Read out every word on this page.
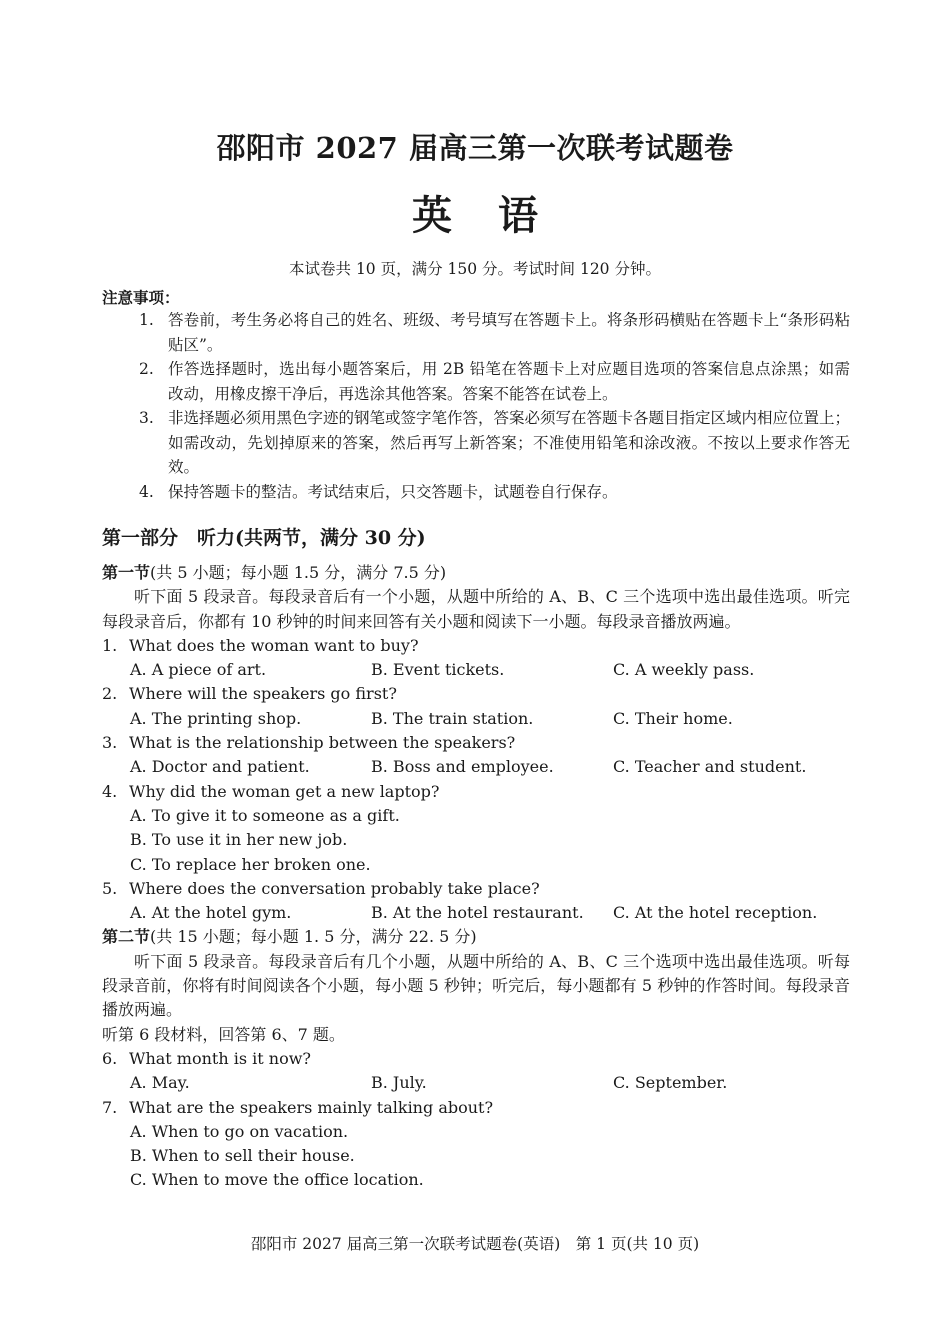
邵阳市 2027 届高三第一次联考试题卷
英语
本试卷共 10 页，满分 150 分。考试时间 120 分钟。
注意事项：
1. 答卷前，考生务必将自己的姓名、班级、考号填写在答题卡上。将条形码横贴在答题卡上“条形码粘贴区”。
2. 作答选择题时，选出每小题答案后，用 2B 铅笔在答题卡上对应题目选项的答案信息点涂黑；如需改动，用橡皮擦干净后，再选涂其他答案。答案不能答在试卷上。
3. 非选择题必须用黑色字迹的钢笔或签字笔作答，答案必须写在答题卡各题目指定区域内相应位置上；如需改动，先划掉原来的答案，然后再写上新答案；不准使用铅笔和涂改液。不按以上要求作答无效。
4. 保持答题卡的整洁。考试结束后，只交答题卡，试题卷自行保存。
第一部分　听力(共两节，满分 30 分)
第一节(共 5 小题；每小题 1.5 分，满分 7.5 分)
听下面 5 段录音。每段录音后有一个小题，从题中所给的 A、B、C 三个选项中选出最佳选项。听完每段录音后，你都有 10 秒钟的时间来回答有关小题和阅读下一小题。每段录音播放两遍。
1. What does the woman want to buy?
A. A piece of art.	B. Event tickets.	C. A weekly pass.
2. Where will the speakers go first?
A. The printing shop.	B. The train station.	C. Their home.
3. What is the relationship between the speakers?
A. Doctor and patient.	B. Boss and employee.	C. Teacher and student.
4. Why did the woman get a new laptop?
A. To give it to someone as a gift.
B. To use it in her new job.
C. To replace her broken one.
5. Where does the conversation probably take place?
A. At the hotel gym.	B. At the hotel restaurant. C. At the hotel reception.
第二节(共 15 小题；每小题 1. 5 分，满分 22. 5 分)
听下面 5 段录音。每段录音后有几个小题，从题中所给的 A、B、C 三个选项中选出最佳选项。听每段录音前，你将有时间阅读各个小题，每小题 5 秒钟；听完后，每小题都有 5 秒钟的作答时间。每段录音播放两遍。
听第 6 段材料，回答第 6、7 题。
6. What month is it now?
A. May.	B. July.	C. September.
7. What are the speakers mainly talking about?
A. When to go on vacation.
B. When to sell their house.
C. When to move the office location.
邵阳市 2027 届高三第一次联考试题卷(英语)　第 1 页(共 10 页)
